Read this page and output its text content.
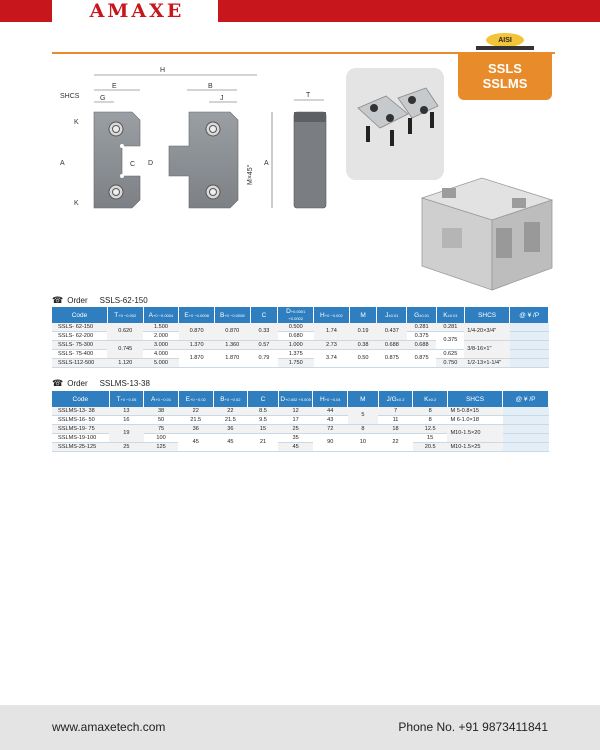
AMAXE
AISI
SSLS
SSLMS
H
E	B
G	J
SHCS	T
K
K
A	C D
M×45°
A
☎ Order SSLS-62-150
Code	T+0 −0.002	A+0 −0.0004	E+0 −0.0008	B+0 −0.0008	C	D+0.0001 +0.0002	H+0 −0.002	M	J±0.01	G±0.01	K±0.01	SHCS	@ ¥ /P
SSLS- 62-150	0.620	1.500	0.870	0.870	0.33	0.500	1.74	0.19	0.437	0.281	0.281	1/4-20×3/4"	
SSLS- 62-200		2.000				0.680				0.375	0.375		
SSLS- 75-300	0.745	3.000	1.370	1.360	0.57	1.000	2.73	0.38	0.688	0.688		3/8-16×1"	
SSLS- 75-400		4.000	1.870	1.870	0.79	1.375	3.74	0.50	0.875	0.875	0.625		
SSLS-112-500	1.120	5.000				1.750					0.750	1/2-13×1-1/4"	
☎ Order SSLMS-13-38
Code	T+0 −0.05	A+0 −0.01	E+0 −0.02	B+0 −0.02	C	D+0.002 +0.005	H+0 −0.04	M	J/G±0.2	K±0.2	SHCS	@ ¥ /P
SSLMS-13- 38	13	38	22	22	8.5	12	44	5	7	8	M 5-0.8×15	
SSLMS-16- 50	16	50	21.5	21.5	9.5	17	43		11	8	M 6-1.0×18	
SSLMS-19- 75	19	75	36	36	15	25	72	8	18	12.5	M10-1.5×20	
SSLMS-19-100		100	45	45	21	35	90	10	22	15		
SSLMS-25-125	25	125				45				20.5	M10-1.5×25	
www.amaxetech.com	Phone No. +91 9873411841
